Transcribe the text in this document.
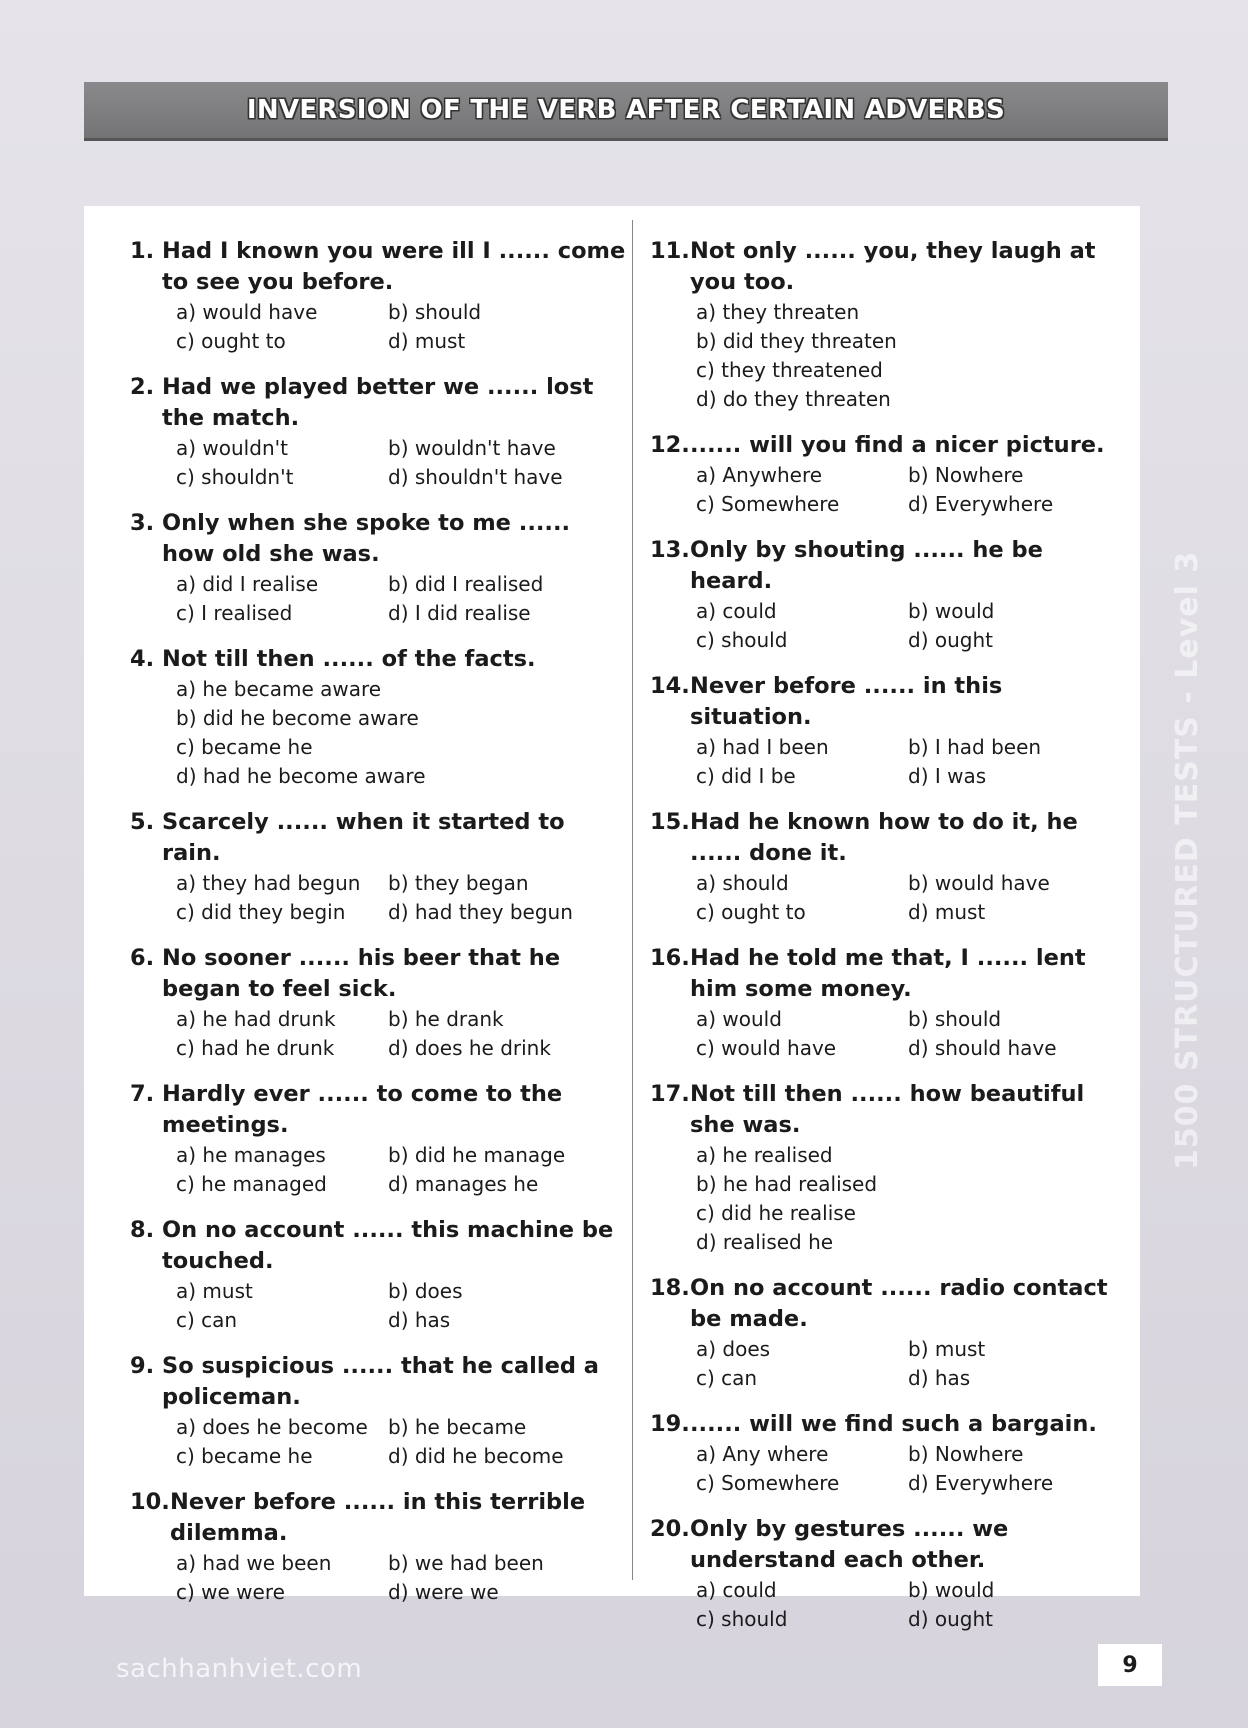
INVERSION OF THE VERB AFTER CERTAIN ADVERBS
1. Had I known you were ill I ...... come to see you before.
a) would have	b) should
c) ought to	d) must
2. Had we played better we ...... lost the match.
a) wouldn't	b) wouldn't have
c) shouldn't	d) shouldn't have
3. Only when she spoke to me ...... how old she was.
a) did I realise	b) did I realised
c) I realised	d) I did realise
4. Not till then ...... of the facts.
a) he became aware
b) did he become aware
c) became he
d) had he become aware
5. Scarcely ...... when it started to rain.
a) they had begun	b) they began
c) did they begin	d) had they begun
6. No sooner ...... his beer that he began to feel sick.
a) he had drunk	b) he drank
c) had he drunk	d) does he drink
7. Hardly ever ...... to come to the meetings.
a) he manages	b) did he manage
c) he managed	d) manages he
8. On no account ...... this machine be touched.
a) must	b) does
c) can	d) has
9. So suspicious ...... that he called a policeman.
a) does he become	b) he became
c) became he	d) did he become
10. Never before ...... in this terrible dilemma.
a) had we been	b) we had been
c) we were	d) were we
11. Not only ...... you, they laugh at you too.
a) they threaten
b) did they threaten
c) they threatened
d) do they threaten
12. ...... will you find a nicer picture.
a) Anywhere	b) Nowhere
c) Somewhere	d) Everywhere
13. Only by shouting ...... he be heard.
a) could	b) would
c) should	d) ought
14. Never before ...... in this situation.
a) had I been	b) I had been
c) did I be	d) I was
15. Had he known how to do it, he ...... done it.
a) should	b) would have
c) ought to	d) must
16. Had he told me that, I ...... lent him some money.
a) would	b) should
c) would have	d) should have
17. Not till then ...... how beautiful she was.
a) he realised
b) he had realised
c) did he realise
d) realised he
18. On no account ...... radio contact be made.
a) does	b) must
c) can	d) has
19. ...... will we find such a bargain.
a) Any where	b) Nowhere
c) Somewhere	d) Everywhere
20. Only by gestures ...... we understand each other.
a) could	b) would
c) should	d) ought
1500 STRUCTURED TESTS - Level 3
sachhanhviet.com	9
